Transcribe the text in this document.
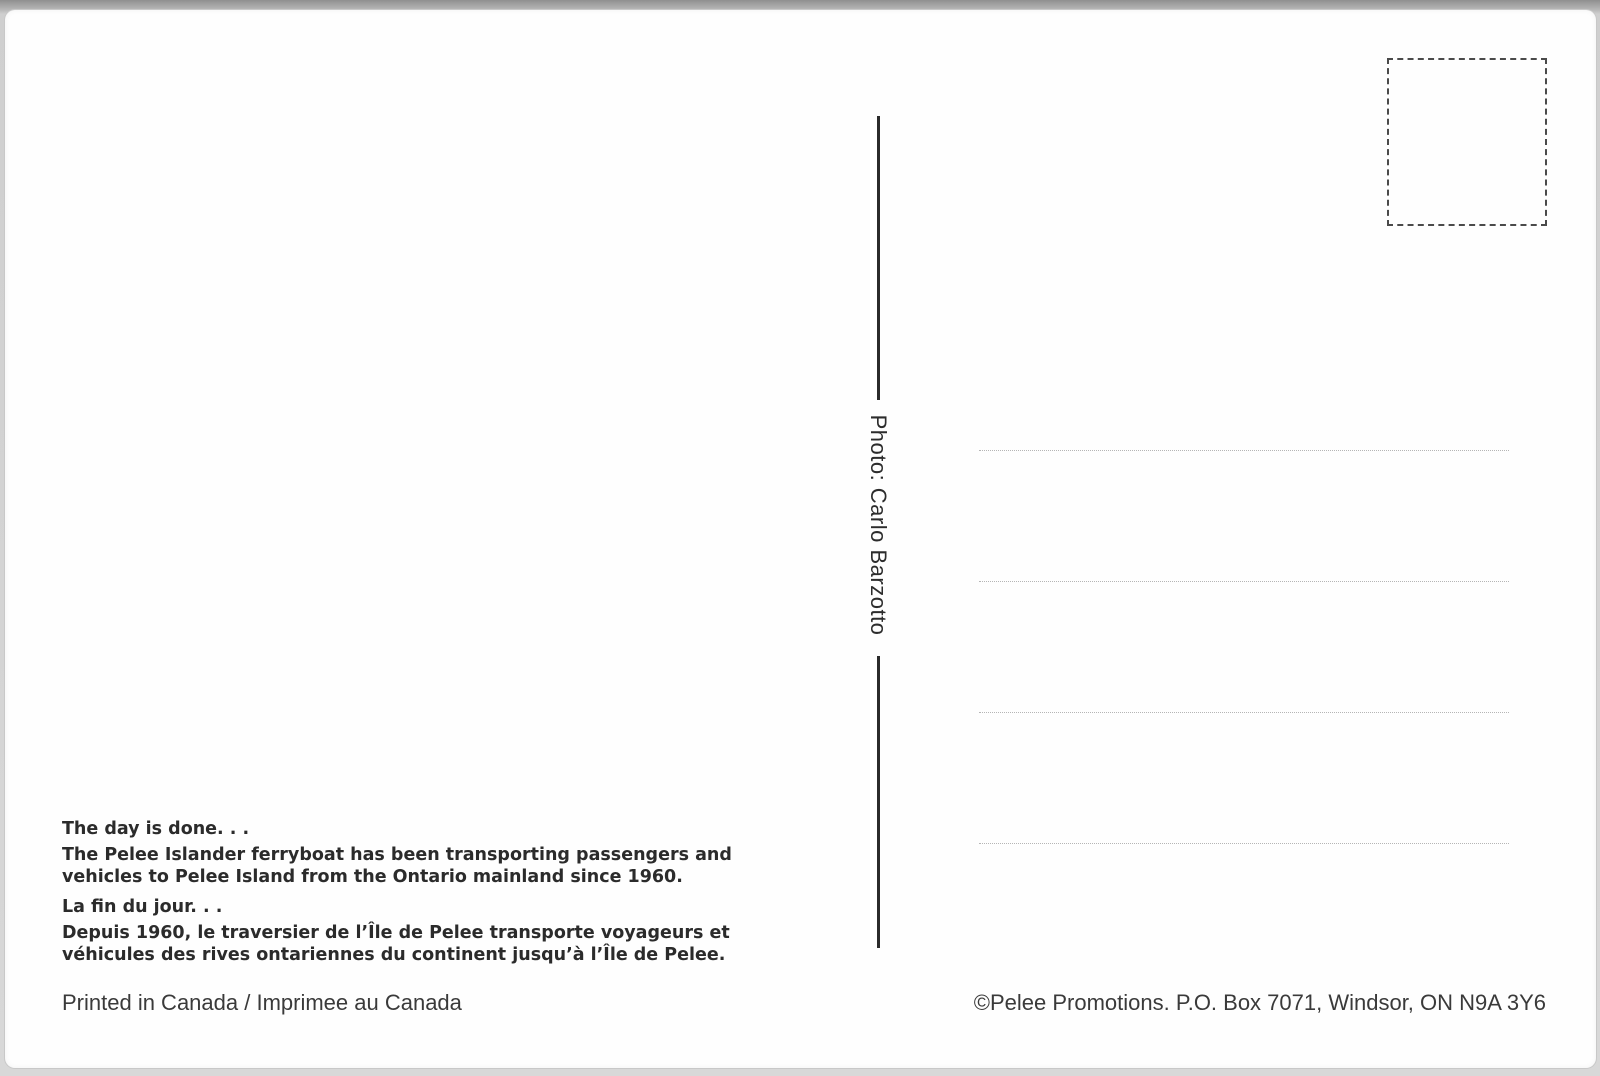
Photo: Carlo Barzotto
The day is done. . .
The Pelee Islander ferryboat has been transporting passengers and
vehicles to Pelee Island from the Ontario mainland since 1960.
La fin du jour. . .
Depuis 1960, le traversier de l’Île de Pelee transporte voyageurs et
véhicules des rives ontariennes du continent jusqu’à l’Île de Pelee.
Printed in Canada / Imprimee au Canada	©Pelee Promotions. P.O. Box 7071, Windsor, ON N9A 3Y6
